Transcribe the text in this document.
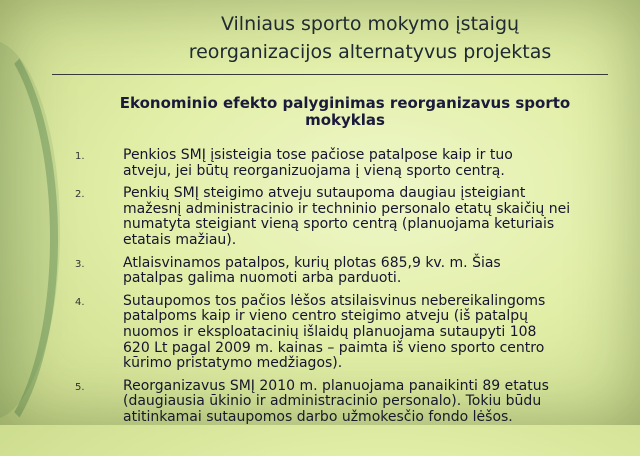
Vilniaus sporto mokymo įstaigų
reorganizacijos alternatyvus projektas
Ekonominio efekto palyginimas reorganizavus sporto mokyklas
1.	Penkios SMĮ įsisteigia tose pačiose patalpose kaip ir tuo
atveju, jei būtų reorganizuojama į vieną sporto centrą.
2.	Penkių SMĮ steigimo atveju sutaupoma daugiau įsteigiant
mažesnį administracinio ir techninio personalo etatų skaičių nei
numatyta steigiant vieną sporto centrą (planuojama keturiais
etatais mažiau).
3.	Atlaisvinamos patalpos, kurių plotas 685,9 kv. m. Šias
patalpas galima nuomoti arba parduoti.
4.	Sutaupomos tos pačios lėšos atsilaisvinus nebereikalingoms
patalpoms kaip ir vieno centro steigimo atveju (iš patalpų
nuomos ir eksploatacinių išlaidų planuojama sutaupyti 108
620 Lt pagal 2009 m. kainas – paimta iš vieno sporto centro
kūrimo pristatymo medžiagos).
5.	Reorganizavus SMĮ 2010 m. planuojama panaikinti 89 etatus
(daugiausia ūkinio ir administracinio personalo). Tokiu būdu
atitinkamai sutaupomos darbo užmokesčio fondo lėšos.
